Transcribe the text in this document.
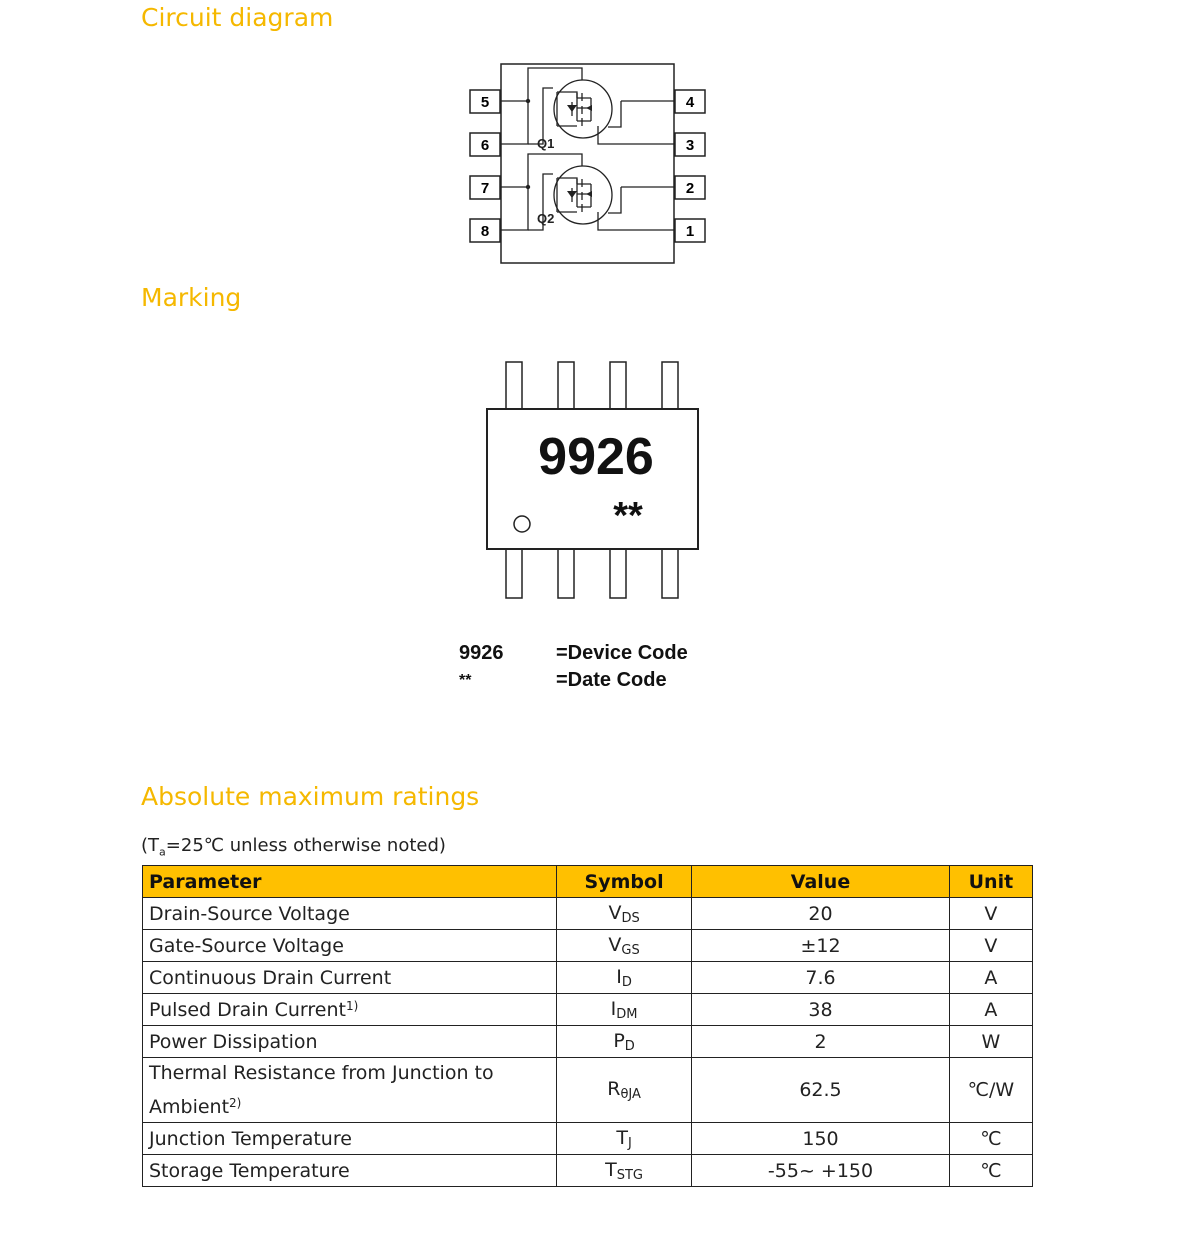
Circuit diagram
5
6
7
8
4
3
2
1
Q1
Q2
Marking
9926
**
9926	=Device Code
**	=Date Code
Absolute maximum ratings
($T_a=25℃$ unless otherwise noted)
Parameter	Symbol	Value	Unit
Drain-Source Voltage	$V_{DS}$	20	V
Gate-Source Voltage	$V_{GS}$	±12	V
Continuous Drain Current	$I_D$	7.6	A
Pulsed Drain Current$^{1)}$	$I_{DM}$	38	A
Power Dissipation	$P_D$	2	W
Thermal Resistance from Junction to Ambient$^{2)}$	$R_{\theta JA}$	62.5	℃/W
Junction Temperature	$T_J$	150	℃
Storage Temperature	$T_{STG}$	-55~ +150	℃
